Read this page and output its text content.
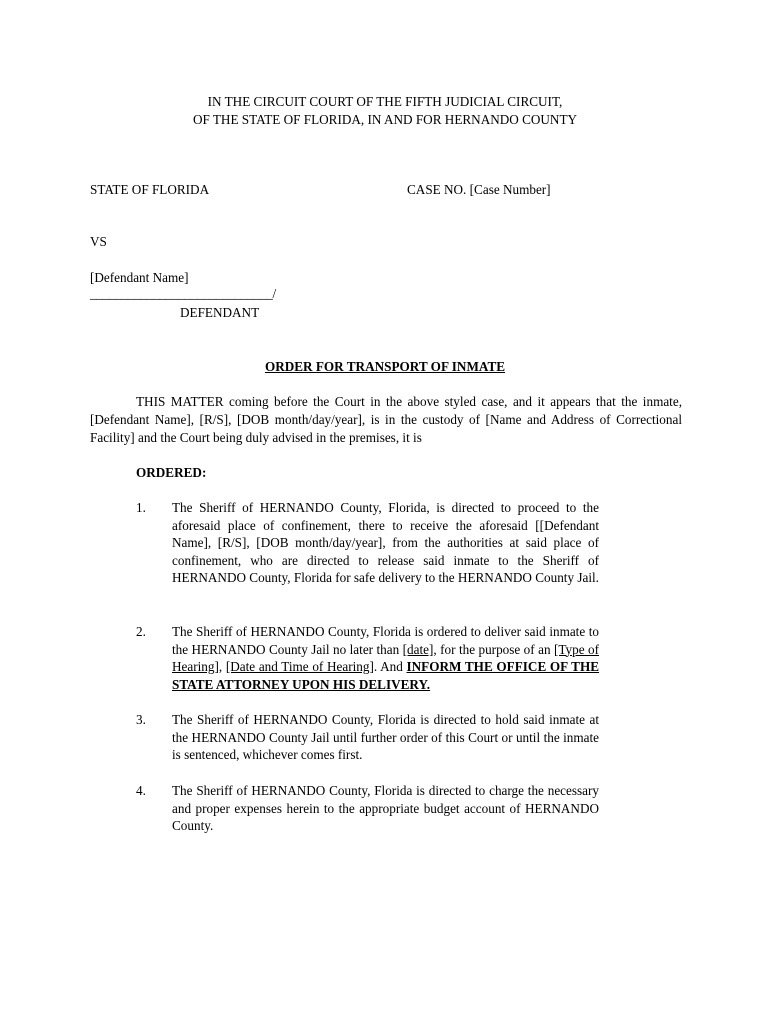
IN THE CIRCUIT COURT OF THE FIFTH JUDICIAL CIRCUIT,
OF THE STATE OF FLORIDA, IN AND FOR HERNANDO COUNTY
STATE OF FLORIDA	CASE NO. [Case Number]
VS
[Defendant Name]
_____________________________/
DEFENDANT
ORDER FOR TRANSPORT OF INMATE
THIS MATTER coming before the Court in the above styled case, and it appears that the inmate, [Defendant Name], [R/S], [DOB month/day/year], is in the custody of [Name and Address of Correctional Facility] and the Court being duly advised in the premises, it is
ORDERED:
1. The Sheriff of HERNANDO County, Florida, is directed to proceed to the aforesaid place of confinement, there to receive the aforesaid [[Defendant Name], [R/S], [DOB month/day/year], from the authorities at said place of confinement, who are directed to release said inmate to the Sheriff of HERNANDO County, Florida for safe delivery to the HERNANDO County Jail.
2. The Sheriff of HERNANDO County, Florida is ordered to deliver said inmate to the HERNANDO County Jail no later than [date], for the purpose of an [Type of Hearing], [Date and Time of Hearing]. And INFORM THE OFFICE OF THE STATE ATTORNEY UPON HIS DELIVERY.
3. The Sheriff of HERNANDO County, Florida is directed to hold said inmate at the HERNANDO County Jail until further order of this Court or until the inmate is sentenced, whichever comes first.
4. The Sheriff of HERNANDO County, Florida is directed to charge the necessary and proper expenses herein to the appropriate budget account of HERNANDO County.
